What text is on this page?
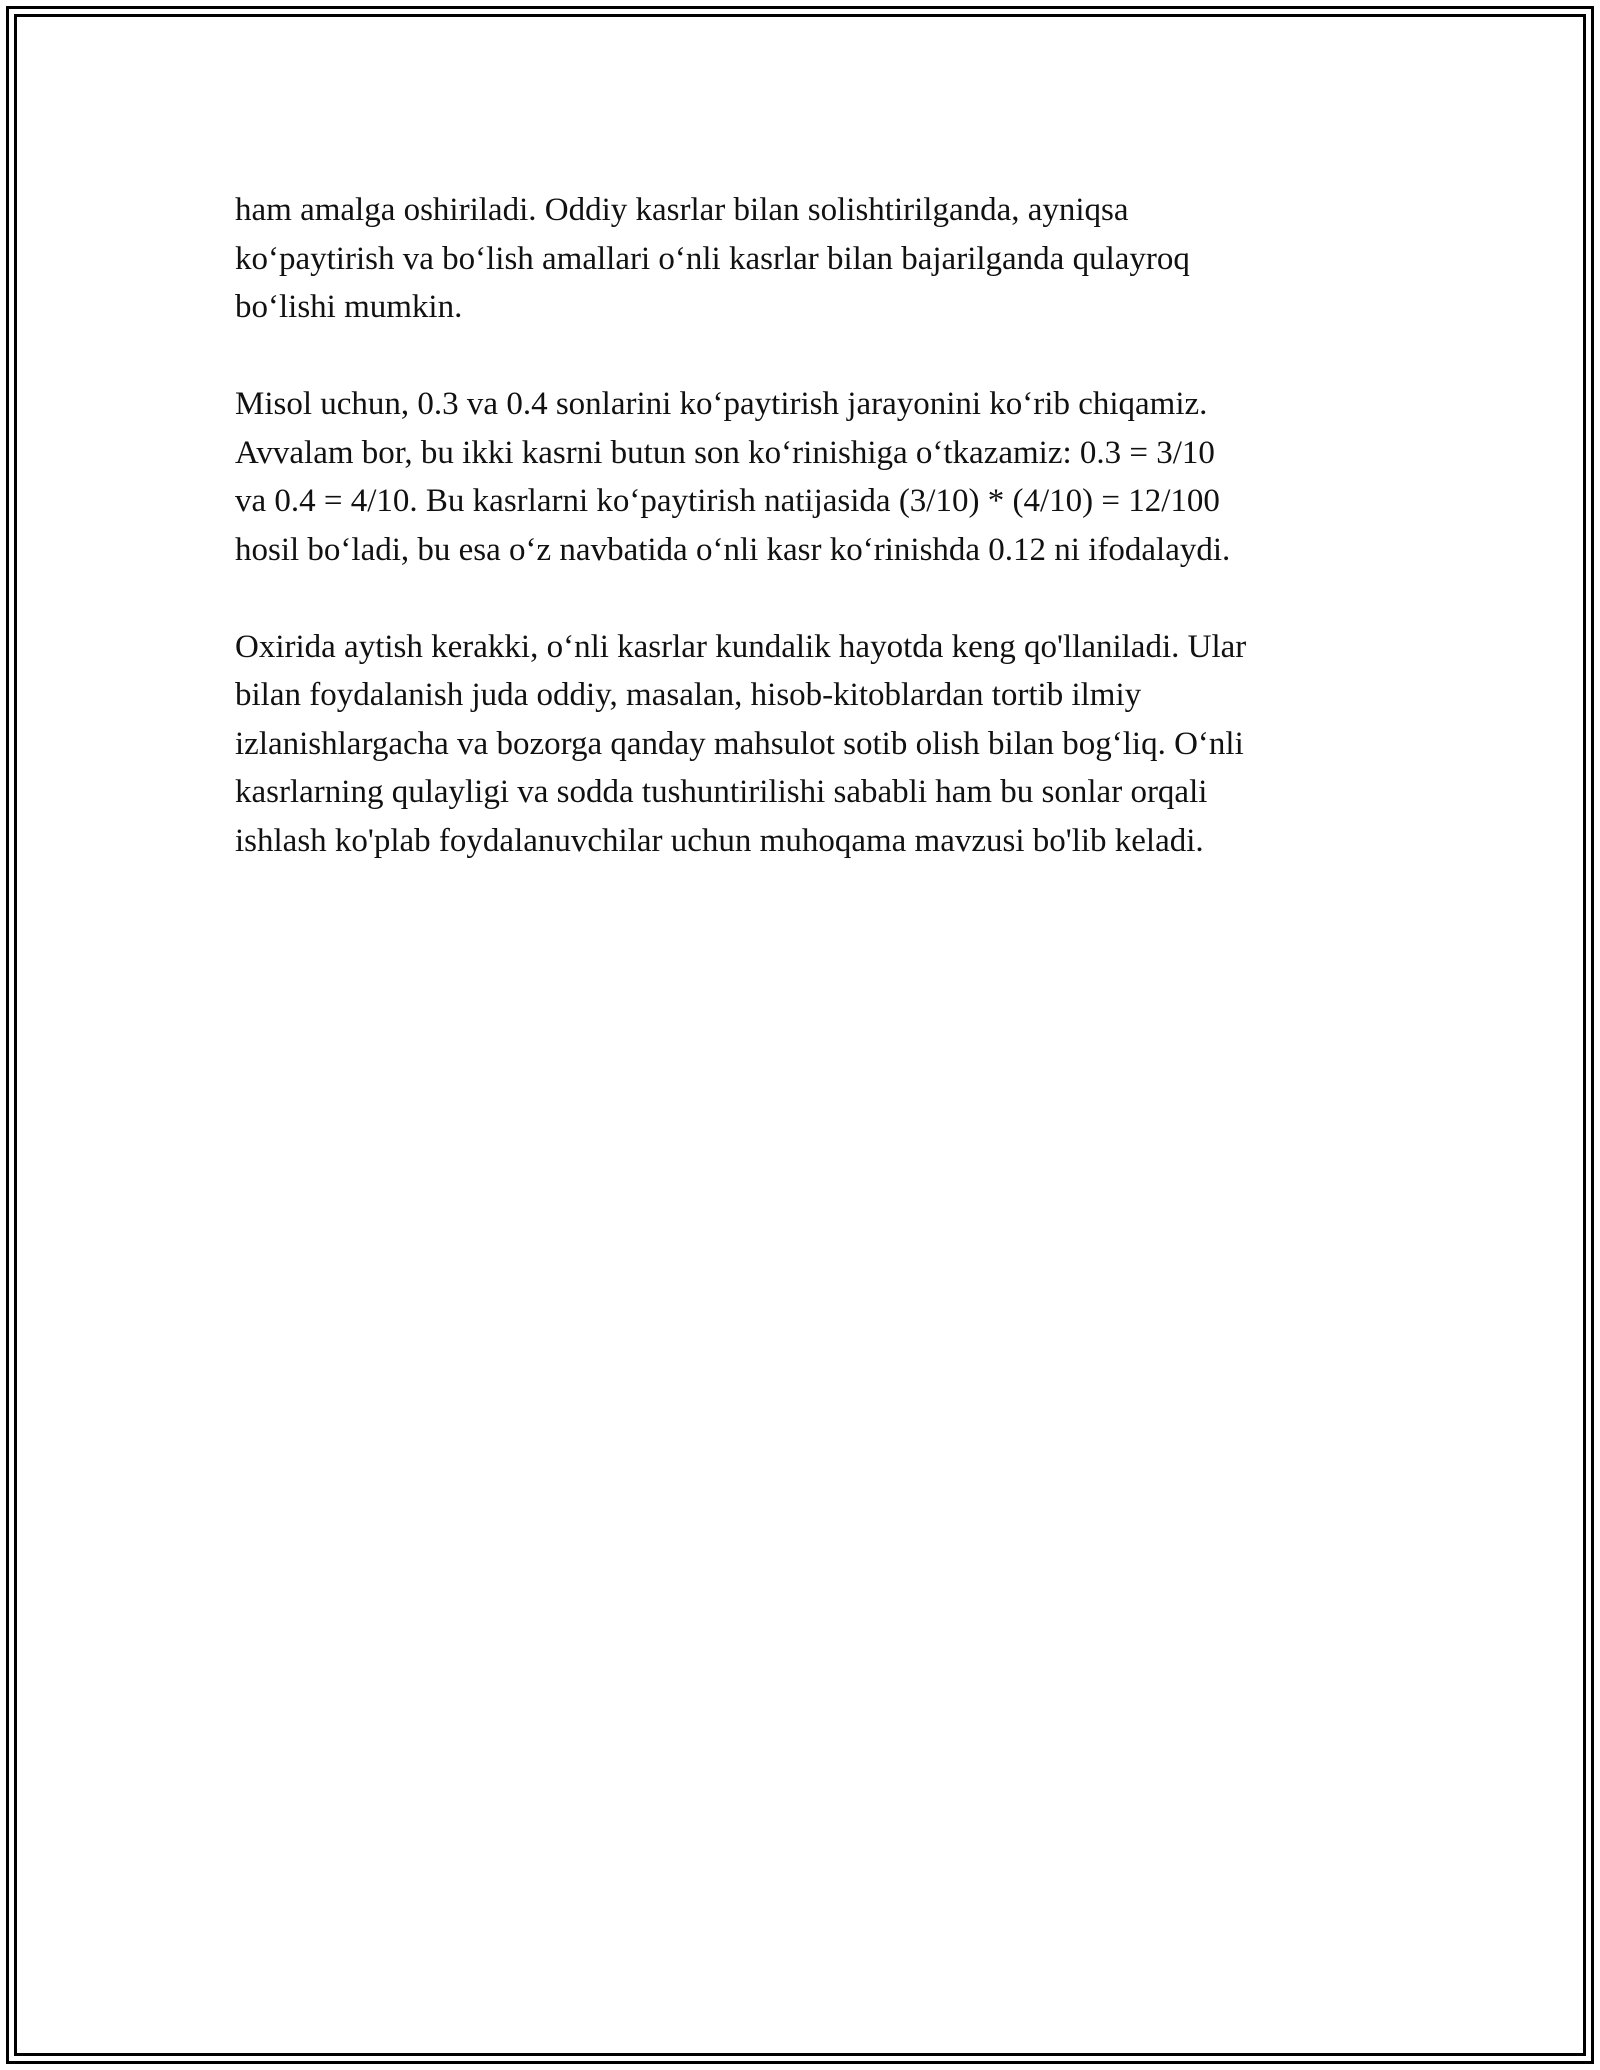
ham amalga oshiriladi. Oddiy kasrlar bilan solishtirilganda, ayniqsa
ko‘paytirish va bo‘lish amallari o‘nli kasrlar bilan bajarilganda qulayroq
bo‘lishi mumkin.

Misol uchun, 0.3 va 0.4 sonlarini ko‘paytirish jarayonini ko‘rib chiqamiz.
Avvalam bor, bu ikki kasrni butun son ko‘rinishiga o‘tkazamiz: 0.3 = 3/10
va 0.4 = 4/10. Bu kasrlarni ko‘paytirish natijasida (3/10) * (4/10) = 12/100
hosil bo‘ladi, bu esa o‘z navbatida o‘nli kasr ko‘rinishda 0.12 ni ifodalaydi.

Oxirida aytish kerakki, o‘nli kasrlar kundalik hayotda keng qo'llaniladi. Ular
bilan foydalanish juda oddiy, masalan, hisob-kitoblardan tortib ilmiy
izlanishlargacha va bozorga qanday mahsulot sotib olish bilan bog‘liq. O‘nli
kasrlarning qulayligi va sodda tushuntirilishi sababli ham bu sonlar orqali
ishlash ko'plab foydalanuvchilar uchun muhoqama mavzusi bo'lib keladi.
